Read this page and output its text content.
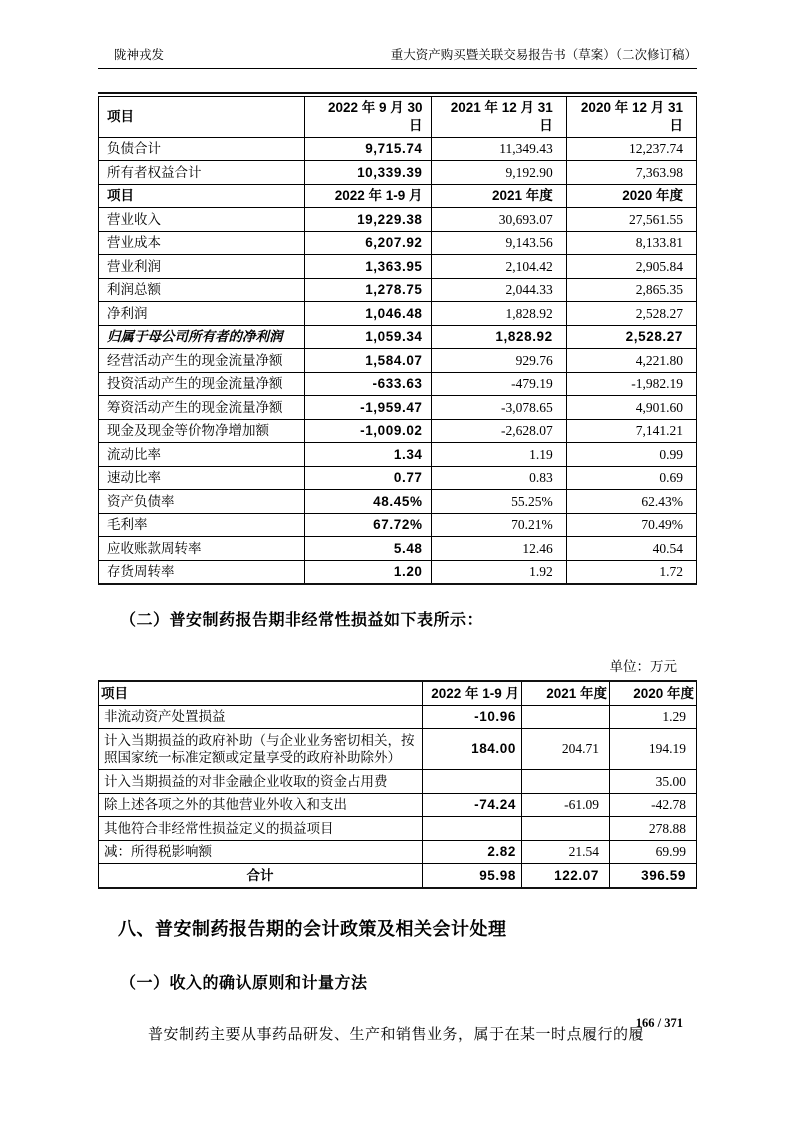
陇神戎发	重大资产购买暨关联交易报告书（草案）（二次修订稿）
项目	2022 年 9 月 30 日	2021 年 12 月 31 日	2020 年 12 月 31 日
负债合计	9,715.74	11,349.43	12,237.74
所有者权益合计	10,339.39	9,192.90	7,363.98
项目	2022 年 1-9 月	2021 年度	2020 年度
营业收入	19,229.38	30,693.07	27,561.55
营业成本	6,207.92	9,143.56	8,133.81
营业利润	1,363.95	2,104.42	2,905.84
利润总额	1,278.75	2,044.33	2,865.35
净利润	1,046.48	1,828.92	2,528.27
归属于母公司所有者的净利润	1,059.34	1,828.92	2,528.27
经营活动产生的现金流量净额	1,584.07	929.76	4,221.80
投资活动产生的现金流量净额	-633.63	-479.19	-1,982.19
筹资活动产生的现金流量净额	-1,959.47	-3,078.65	4,901.60
现金及现金等价物净增加额	-1,009.02	-2,628.07	7,141.21
流动比率	1.34	1.19	0.99
速动比率	0.77	0.83	0.69
资产负债率	48.45%	55.25%	62.43%
毛利率	67.72%	70.21%	70.49%
应收账款周转率	5.48	12.46	40.54
存货周转率	1.20	1.92	1.72
（二）普安制药报告期非经常性损益如下表所示：
单位：万元
项目	2022 年 1-9 月	2021 年度	2020 年度
非流动资产处置损益	-10.96		1.29
计入当期损益的政府补助（与企业业务密切相关，按照国家统一标准定额或定量享受的政府补助除外）	184.00	204.71	194.19
计入当期损益的对非金融企业收取的资金占用费			35.00
除上述各项之外的其他营业外收入和支出	-74.24	-61.09	-42.78
其他符合非经常性损益定义的损益项目			278.88
减：所得税影响额	2.82	21.54	69.99
合计	95.98	122.07	396.59
八、普安制药报告期的会计政策及相关会计处理
（一）收入的确认原则和计量方法
普安制药主要从事药品研发、生产和销售业务，属于在某一时点履行的履
166 / 371
